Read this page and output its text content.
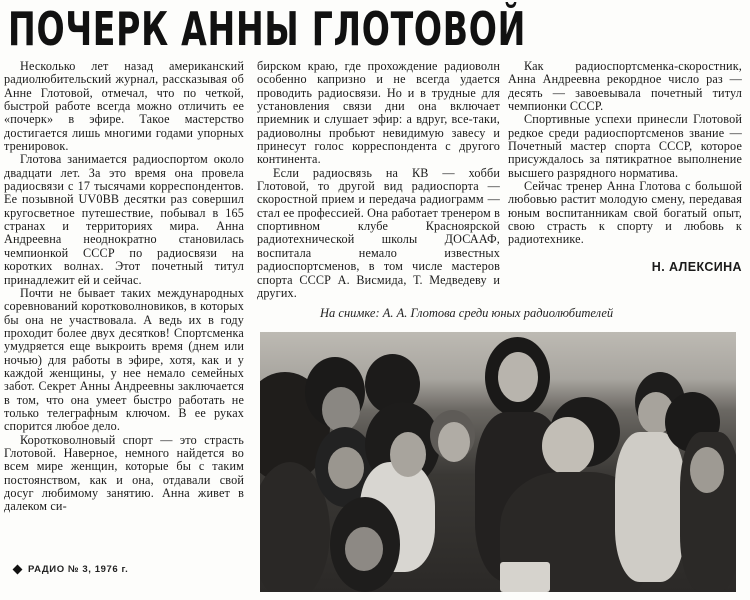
ПОЧЕРК АННЫ ГЛОТОВОЙ

Несколько лет назад американский радиолюбительский журнал, рассказывая об Анне Глотовой, отмечал, что по четкой, быстрой работе всегда можно отличить ее «почерк» в эфире. Такое мастерство достигается лишь многими годами упорных тренировок.

Глотова занимается радиоспортом около двадцати лет. За это время она провела радиосвязи с 17 тысячами корреспондентов. Ее позывной UV0BB десятки раз совершил кругосветное путешествие, побывал в 165 странах и территориях мира. Анна Андреевна неоднократно становилась чемпионкой СССР по радиосвязи на коротких волнах. Этот почетный титул принадлежит ей и сейчас.

Почти не бывает таких международных соревнований коротковолновиков, в которых бы она не участвовала. А ведь их в году проходит более двух десятков! Спортсменка умудряется еще выкроить время (днем или ночью) для работы в эфире, хотя, как и у каждой женщины, у нее немало семейных забот. Секрет Анны Андреевны заключается в том, что она умеет быстро работать не только телеграфным ключом. В ее руках спорится любое дело.

Коротковолновый спорт — это страсть Глотовой. Наверное, немного найдется во всем мире женщин, которые бы с таким постоянством, как и она, отдавали свой досуг любимому занятию. Анна живет в далеком си-

бирском краю, где прохождение радиоволн особенно капризно и не всегда удается проводить радиосвязи. Но и в трудные для установления связи дни она включает приемник и слушает эфир: а вдруг, все-таки, радиоволны пробьют невидимую завесу и принесут голос корреспондента с другого континента.

Если радиосвязь на КВ — хобби Глотовой, то другой вид радиоспорта — скоростной прием и передача радиограмм — стал ее профессией. Она работает тренером в спортивном клубе Красноярской радиотехнической школы ДОСААФ, воспитала немало известных радиоспортсменов, в том числе мастеров спорта СССР А. Висмида, Т. Медведеву и других.

Как радиоспортсменка-скоростник, Анна Андреевна рекордное число раз — десять — завоевывала почетный титул чемпионки СССР.

Спортивные успехи принесли Глотовой редкое среди радиоспортсменов звание — Почетный мастер спорта СССР, которое присуждалось за пятикратное выполнение высшего разрядного норматива.

Сейчас тренер Анна Глотова с большой любовью растит молодую смену, передавая юным воспитанникам свой богатый опыт, свою страсть к спорту и любовь к радиотехнике.

Н. АЛЕКСИНА

На снимке: А. А. Глотова среди юных радиолюбителей
РАДИО № 3, 1976 г.
